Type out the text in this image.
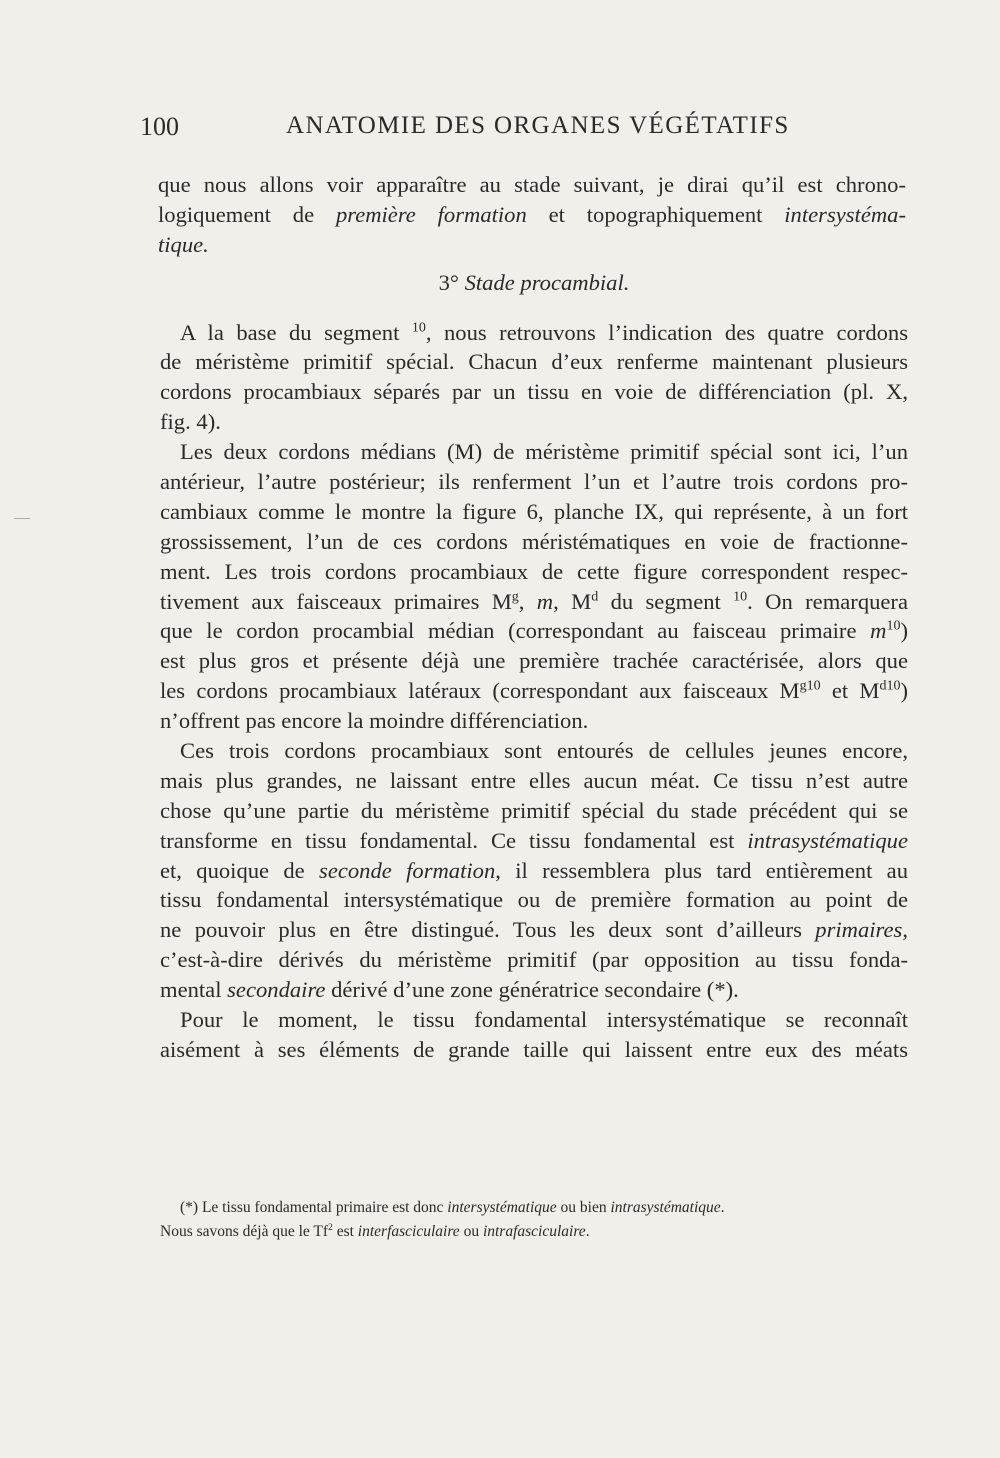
100	ANATOMIE DES ORGANES VÉGÉTATIFS
que nous allons voir apparaître au stade suivant, je dirai qu’il est chrono-
logiquement de première formation et topographiquement intersystéma-
tique.
3° Stade procambial.
A la base du segment $^{10}$, nous retrouvons l’indication des quatre cordons
de méristème primitif spécial. Chacun d’eux renferme maintenant plusieurs
cordons procambiaux séparés par un tissu en voie de différenciation (pl. X,
fig. 4).
Les deux cordons médians (M) de méristème primitif spécial sont ici, l’un
antérieur, l’autre postérieur; ils renferment l’un et l’autre trois cordons pro-
cambiaux comme le montre la figure 6, planche IX, qui représente, à un fort
grossissement, l’un de ces cordons méristématiques en voie de fractionne-
ment. Les trois cordons procambiaux de cette figure correspondent respec-
tivement aux faisceaux primaires $M^g$, m, $M^d$ du segment $^{10}$. On remarquera
que le cordon procambial médian (correspondant au faisceau primaire $m^{10}$)
est plus gros et présente déjà une première trachée caractérisée, alors que
les cordons procambiaux latéraux (correspondant aux faisceaux $M^{g10}$ et $M^{d10}$)
n’offrent pas encore la moindre différenciation.
Ces trois cordons procambiaux sont entourés de cellules jeunes encore,
mais plus grandes, ne laissant entre elles aucun méat. Ce tissu n’est autre
chose qu’une partie du méristème primitif spécial du stade précédent qui se
transforme en tissu fondamental. Ce tissu fondamental est intrasystématique
et, quoique de seconde formation, il ressemblera plus tard entièrement au
tissu fondamental intersystématique ou de première formation au point de
ne pouvoir plus en être distingué. Tous les deux sont d’ailleurs primaires,
c’est-à-dire dérivés du méristème primitif (par opposition au tissu fonda-
mental secondaire dérivé d’une zone génératrice secondaire (*).
Pour le moment, le tissu fondamental intersystématique se reconnaît
aisément à ses éléments de grande taille qui laissent entre eux des méats
(*) Le tissu fondamental primaire est donc intersystématique ou bien intrasystématique.
Nous savons déjà que le Tf$^2$ est interfasciculaire ou intrafasciculaire.
